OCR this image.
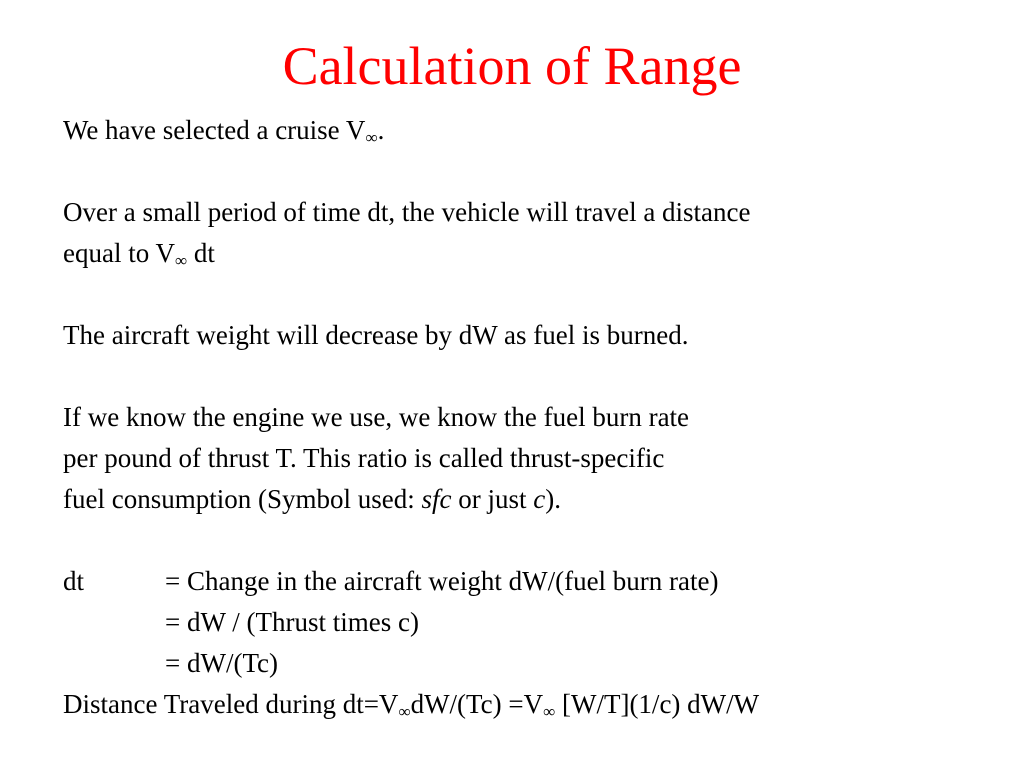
Calculation of Range
We have selected a cruise $V_\infty$.
Over a small period of time dt, the vehicle will travel a distance
equal to $V_\infty$ dt
The aircraft weight will decrease by dW as fuel is burned.
If we know the engine we use, we know the fuel burn rate
per pound of thrust T. This ratio is called thrust-specific
fuel consumption (Symbol used: sfc or just c).
dt	= Change in the aircraft weight dW/(fuel burn rate)
= dW / (Thrust times c)
= dW/(Tc)
Distance Traveled during $dt=V_\infty dW/(Tc) =V_\infty$ [W/T](1/c) dW/W
